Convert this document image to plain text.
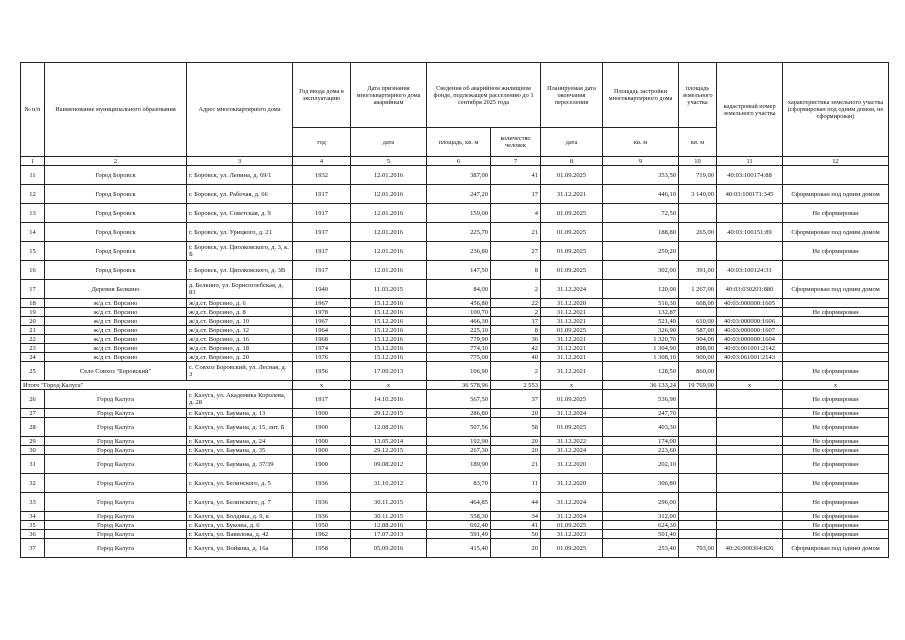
№ п/п	Наименование муниципального образования	Адрес многоквартирного дома	Год ввода дома в эксплуатацию	Дата признания многоквартирного дома аварийным	Сведения об аварийном жилищном фонде, подлежащем расселению до 1 сентября 2025 года		Планируемая дата окончания переселения	Площадь застройки многоквартирного дома	площадь земельного участка	кадастровый номер земельного участка	характеристика земельного участка (сформирован под одним домом, не сформирован)
			год	дата	площадь, кв. м	количество человек	дата	кв. м	кв. м		
1	2	3	4	5	6	7	8	9	10	11	12
11	Город Боровск	г. Боровск, ул. Ленина, д. 69/1	1932	12.01.2016	387,00	41	01.09.2025	353,50	719,00	40:03:100174:88	
12	Город Боровск	г. Боровск, ул. Рабочая, д. 66	1917	12.01.2016	247,20	17	31.12.2021	446,10	3 140,00	40:03:100171:345	Сформирован под одним домом
13	Город Боровск	г. Боровск, ул. Советская, д. 9	1917	12.01.2016	159,00	4	01.09.2025	72,50			Не сформирован
14	Город Боровск	г. Боровск, ул. Урицкого, д. 21	1917	12.01.2016	225,70	21	01.09.2025	188,80	265,00	40:03:100151:89	Сформирован под одним домом
15	Город Боровск	г. Боровск, ул. Циолковского, д. 3, к. Б	1917	12.01.2016	236,80	27	01.09.2025	259,20			Не сформирован
16	Город Боровск	г. Боровск, ул. Циолковского, д. 3В	1917	12.01.2016	147,50	8	01.09.2025	302,00	391,00	40:03:100124:31	
17	Деревня Белкино	д. Белкино, ул. Борисоглебская, д. 83	1940	11.03.2015	84,00	2	31.12.2024	120,00	1 267,00	40:03:030201:880	Сформирован под одним домом
18	ж/д ст. Ворсино	ж/д.ст. Ворсино, д. 6	1967	15.12.2016	456,80	22	31.12.2020	516,30	608,00	40:03:000000:1605	
19	ж/д ст. Ворсино	ж/д.ст. Ворсино, д. 8	1978	15.12.2016	100,70	2	31.12.2021	132,87			Не сформирован
20	ж/д ст. Ворсино	ж/д.ст. Ворсино, д. 10	1967	15.12.2016	466,30	17	31.12.2021	521,40	610,00	40:03:000000:1606	
21	ж/д ст. Ворсино	ж/д.ст. Ворсино, д. 12	1964	15.12.2016	225,10	8	01.09.2025	326,90	587,00	40:03:000000:1607	
22	ж/д ст. Ворсино	ж/д.ст. Ворсино, д. 16	1968	15.12.2016	779,90	36	31.12.2021	1 320,70	904,00	40:03:000000:1604	
23	ж/д ст. Ворсино	ж/д.ст. Ворсино, д. 18	1974	15.12.2016	774,10	42	31.12.2021	1 304,90	898,00	40:03:061001:2142	
24	ж/д ст. Ворсино	ж/д.ст. Ворсино, д. 20	1976	15.12.2016	775,00	40	31.12.2021	1 308,10	900,00	40:03:061001:2143	
25	Село Совхоз "Боровский"	с. Совхоз Боровский, ул. Лесная, д. 3	1956	17.09.2013	106,90	2	31.12.2021	128,50	860,00		Не сформирован
Итого "Город Калуга"			x	x	36 578,96	2 553	x	36 133,24	19 769,00	x	x
26	Город Калуга	г. Калуга, ул. Академика Королева, д. 28	1917	14.10.2016	567,50	37	01.09.2025	536,90			Не сформирован
27	Город Калуга	г. Калуга, ул. Баумана, д. 13	1900	29.12.2015	286,80	20	31.12.2024	247,70			Не сформирован
28	Город Калуга	г. Калуга, ул. Баумана, д. 15, лит. Б	1900	12.08.2016	507,56	58	01.09.2025	403,30			Не сформирован
29	Город Калуга	г. Калуга, ул. Баумана, д. 24	1900	13.05.2014	192,90	20	31.12.2022	174,00			Не сформирован
30	Город Калуга	г. Калуга, ул. Баумана, д. 35	1900	29.12.2015	267,30	20	31.12.2024	223,60			Не сформирован
31	Город Калуга	г. Калуга, ул. Баумана, д. 37/39	1900	09.08.2012	189,90	21	31.12.2020	202,10			Не сформирован
32	Город Калуга	г. Калуга, ул. Белинского, д. 5	1936	31.10.2012	83,70	11	31.12.2020	306,80			Не сформирован
33	Город Калуга	г. Калуга, ул. Белинского, д. 7	1936	30.11.2015	464,85	44	31.12.2024	296,00			Не сформирован
34	Город Калуга	г. Калуга, ул. Болдина, д. 9, к	1936	30.11.2015	558,30	34	31.12.2024	312,00			Не сформирован
35	Город Калуга	г. Калуга, ул. Буковы, д. 6	1950	12.08.2016	692,40	41	01.09.2025	624,30			Не сформирован
36	Город Калуга	г. Калуга, ул. Вавилова, д. 42	1962	17.07.2013	591,49	50	31.12.2023	501,40			Не сформирован
37	Город Калуга	г. Калуга, ул. Войкова, д. 16а	1958	05.09.2016	415,40	20	01.09.2025	253,40	793,00	40:26:000364:826	Сформирован под одним домом
